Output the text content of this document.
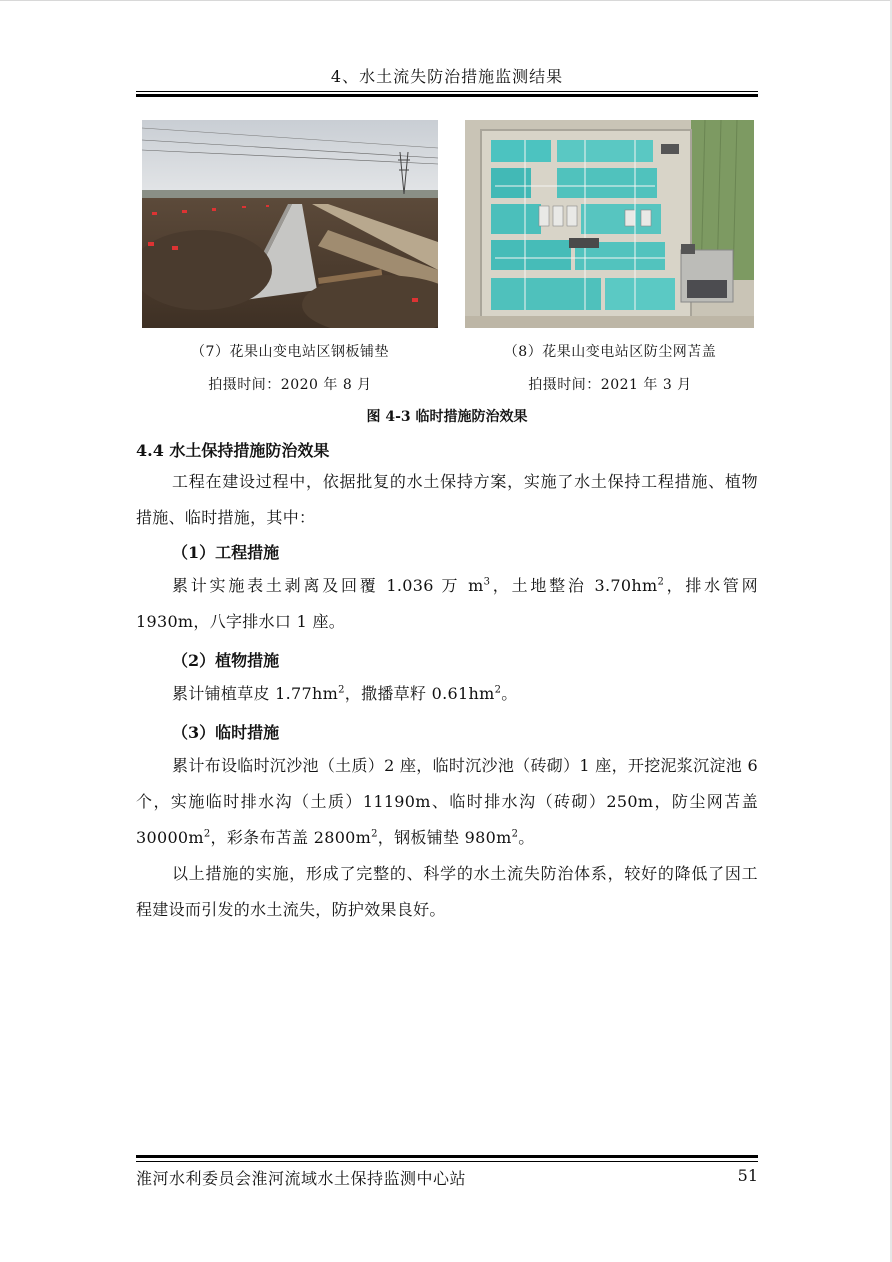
4、水土流失防治措施监测结果
（7）花果山变电站区钢板铺垫
拍摄时间：2020 年 8 月
（8）花果山变电站区防尘网苫盖
拍摄时间：2021 年 3 月
图 4-3 临时措施防治效果
4.4 水土保持措施防治效果
工程在建设过程中，依据批复的水土保持方案，实施了水土保持工程措施、植物措施、临时措施，其中：
（1）工程措施
累计实施表土剥离及回覆 1.036 万 $m^3$，土地整治 $3.70hm^2$，排水管网 1930m，八字排水口 1 座。
（2）植物措施
累计铺植草皮 $1.77hm^2$，撒播草籽 $0.61hm^2$。
（3）临时措施
累计布设临时沉沙池（土质）2 座，临时沉沙池（砖砌）1 座，开挖泥浆沉淀池 6 个，实施临时排水沟（土质）11190m、临时排水沟（砖砌）250m，防尘网苫盖 $30000m^2$，彩条布苫盖 $2800m^2$，钢板铺垫 $980m^2$。
以上措施的实施，形成了完整的、科学的水土流失防治体系，较好的降低了因工程建设而引发的水土流失，防护效果良好。
淮河水利委员会淮河流域水土保持监测中心站	51
